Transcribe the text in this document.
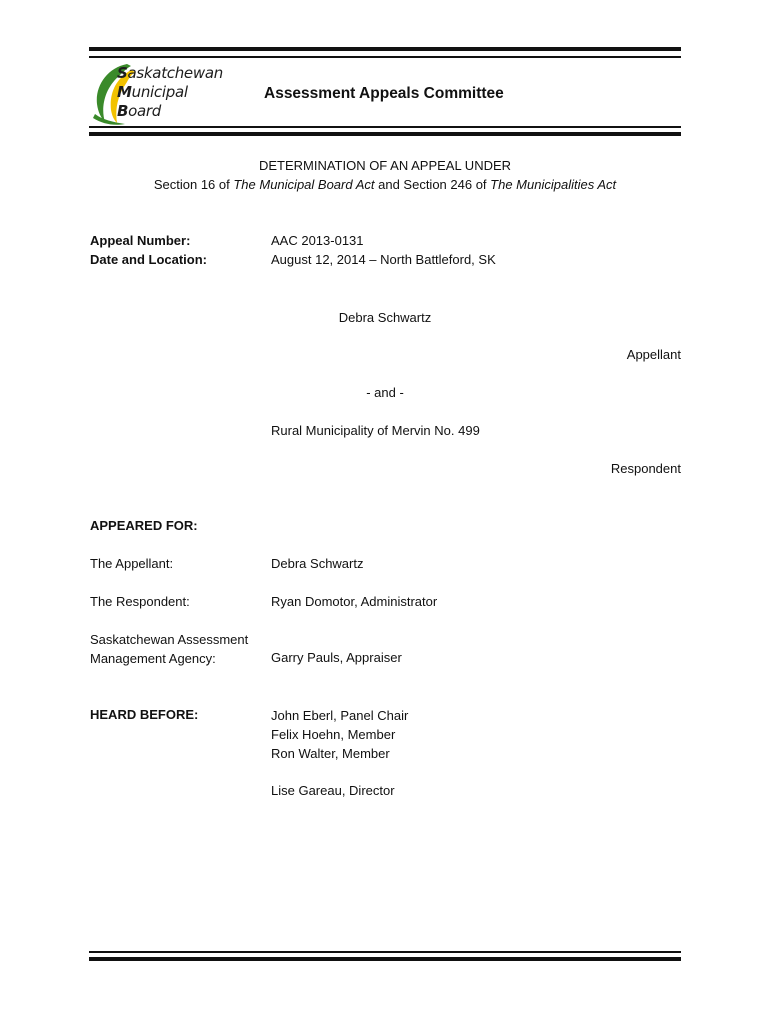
Saskatchewan
Municipal
Board
Assessment Appeals Committee
DETERMINATION OF AN APPEAL UNDER
Section 16 of The Municipal Board Act and Section 246 of The Municipalities Act
Appeal Number:	AAC 2013-0131
Date and Location:	August 12, 2014 – North Battleford, SK
Debra Schwartz
Appellant
- and -
Rural Municipality of Mervin No. 499
Respondent
APPEARED FOR:
The Appellant:	Debra Schwartz
The Respondent:	Ryan Domotor, Administrator
Saskatchewan Assessment
Management Agency:	Garry Pauls, Appraiser
HEARD BEFORE:	John Eberl, Panel Chair
Felix Hoehn, Member
Ron Walter, Member
Lise Gareau, Director
